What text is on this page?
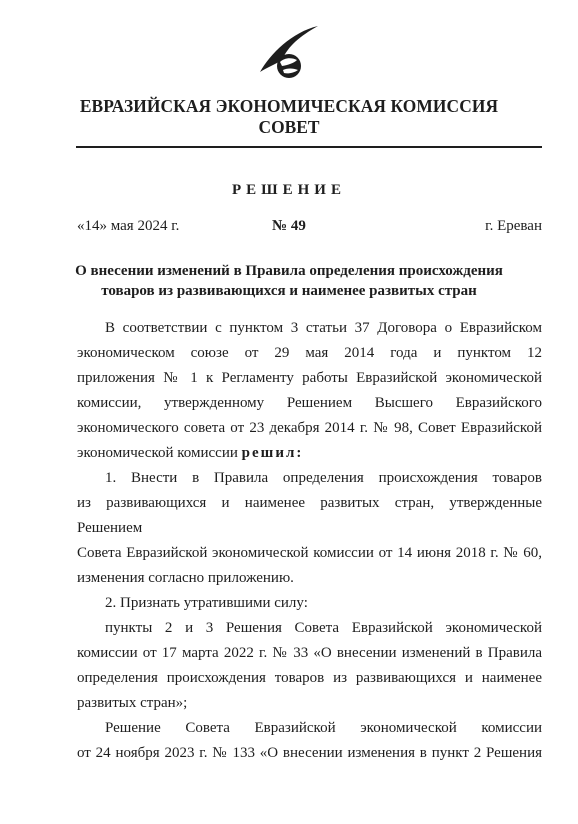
ЕВРАЗИЙСКАЯ ЭКОНОМИЧЕСКАЯ КОМИССИЯ
СОВЕТ
РЕШЕНИЕ
«14» мая 2024 г.	№ 49	г. Ереван
О внесении изменений в Правила определения происхождения
товаров из развивающихся и наименее развитых стран

В соответствии с пунктом 3 статьи 37 Договора о Евразийском

экономическом союзе от 29 мая 2014 года и пунктом 12

приложения № 1 к Регламенту работы Евразийской экономической

комиссии, утвержденному Решением Высшего Евразийского

экономического совета от 23 декабря 2014 г. № 98, Совет Евразийской

экономической комиссии решил:

1. Внести в Правила определения происхождения товаров

из развивающихся и наименее развитых стран, утвержденные Решением

Совета Евразийской экономической комиссии от 14 июня 2018 г. № 60,

изменения согласно приложению.

2. Признать утратившими силу:

пункты 2 и 3 Решения Совета Евразийской экономической

комиссии от 17 марта 2022 г. № 33 «О внесении изменений в Правила

определения происхождения товаров из развивающихся и наименее

развитых стран»;

Решение Совета Евразийской экономической комиссии

от 24 ноября 2023 г. № 133 «О внесении изменения в пункт 2 Решения
